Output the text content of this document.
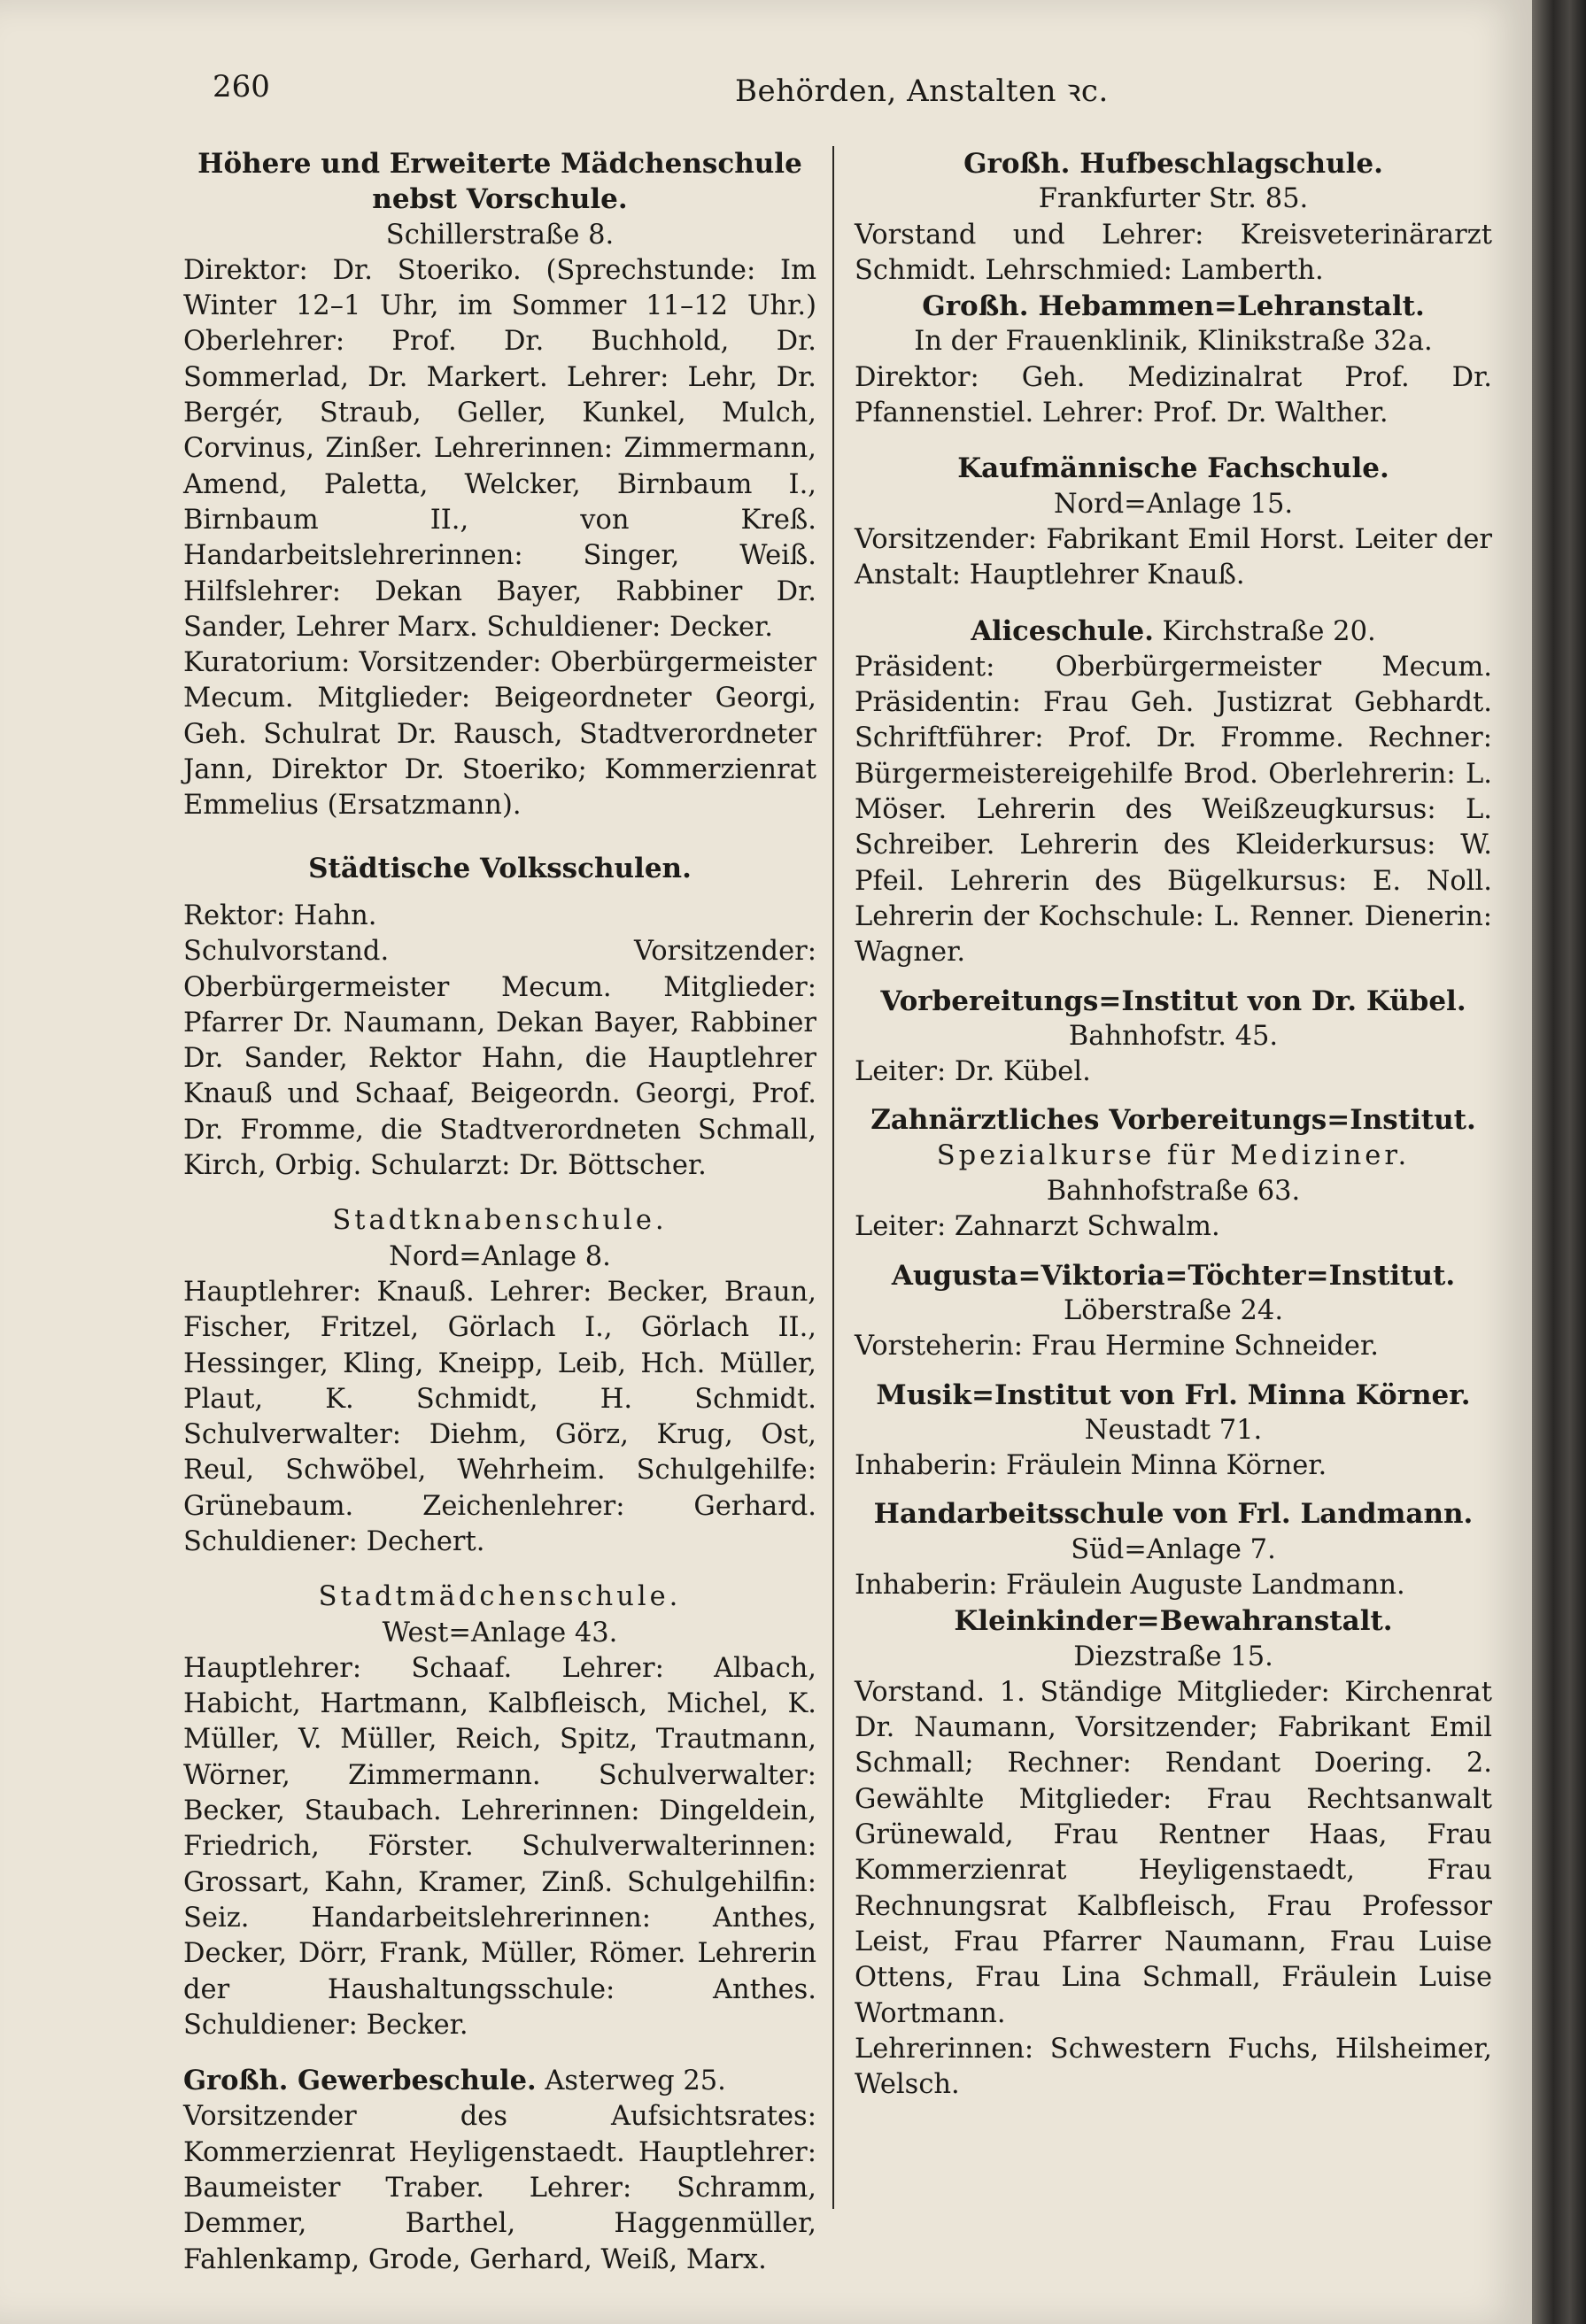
260	Behörden, Anstalten ꝛc.

Höhere und Erweiterte Mädchenschule

nebst Vorschule.

Schillerstraße 8.

Direktor: Dr. Stoeriko. (Sprechstunde: Im Winter 12–1 Uhr, im Sommer 11–12 Uhr.) Oberlehrer: Prof. Dr. Buchhold, Dr. Sommerlad, Dr. Markert. Lehrer: Lehr, Dr. Bergér, Straub, Geller, Kunkel, Mulch, Corvinus, Zinßer. Lehrerinnen: Zimmermann, Amend, Paletta, Welcker, Birnbaum I., Birnbaum II., von Kreß. Handarbeitslehrerinnen: Singer, Weiß. Hilfslehrer: Dekan Bayer, Rabbiner Dr. Sander, Lehrer Marx. Schuldiener: Decker.

Kuratorium: Vorsitzender: Oberbürgermeister Mecum. Mitglieder: Beigeordneter Georgi, Geh. Schulrat Dr. Rausch, Stadtverordneter Jann, Direktor Dr. Stoeriko; Kommerzienrat Emmelius (Ersatzmann).

Städtische Volksschulen.

Rektor: Hahn.

Schulvorstand. Vorsitzender: Oberbürgermeister Mecum. Mitglieder: Pfarrer Dr. Naumann, Dekan Bayer, Rabbiner Dr. Sander, Rektor Hahn, die Hauptlehrer Knauß und Schaaf, Beigeordn. Georgi, Prof. Dr. Fromme, die Stadtverordneten Schmall, Kirch, Orbig. Schularzt: Dr. Böttscher.

Stadtknabenschule.

Nord=Anlage 8.

Hauptlehrer: Knauß. Lehrer: Becker, Braun, Fischer, Fritzel, Görlach I., Görlach II., Hessinger, Kling, Kneipp, Leib, Hch. Müller, Plaut, K. Schmidt, H. Schmidt. Schulverwalter: Diehm, Görz, Krug, Ost, Reul, Schwöbel, Wehrheim. Schulgehilfe: Grünebaum. Zeichenlehrer: Gerhard. Schuldiener: Dechert.

Stadtmädchenschule.

West=Anlage 43.

Hauptlehrer: Schaaf. Lehrer: Albach, Habicht, Hartmann, Kalbfleisch, Michel, K. Müller, V. Müller, Reich, Spitz, Trautmann, Wörner, Zimmermann. Schulverwalter: Becker, Staubach. Lehrerinnen: Dingeldein, Friedrich, Förster. Schulverwalterinnen: Grossart, Kahn, Kramer, Zinß. Schulgehilfin: Seiz. Handarbeitslehrerinnen: Anthes, Decker, Dörr, Frank, Müller, Römer. Lehrerin der Haushaltungsschule: Anthes. Schuldiener: Becker.

Großh. Gewerbeschule. Asterweg 25.

Vorsitzender des Aufsichtsrates: Kommerzienrat Heyligenstaedt. Hauptlehrer: Baumeister Traber. Lehrer: Schramm, Demmer, Barthel, Haggenmüller, Fahlenkamp, Grode, Gerhard, Weiß, Marx.

Großh. Hufbeschlagschule.

Frankfurter Str. 85.

Vorstand und Lehrer: Kreisveterinärarzt Schmidt. Lehrschmied: Lamberth.

Großh. Hebammen=Lehranstalt.

In der Frauenklinik, Klinikstraße 32a.

Direktor: Geh. Medizinalrat Prof. Dr. Pfannenstiel. Lehrer: Prof. Dr. Walther.

Kaufmännische Fachschule.

Nord=Anlage 15.

Vorsitzender: Fabrikant Emil Horst. Leiter der Anstalt: Hauptlehrer Knauß.

Aliceschule. Kirchstraße 20.

Präsident: Oberbürgermeister Mecum. Präsidentin: Frau Geh. Justizrat Gebhardt. Schriftführer: Prof. Dr. Fromme. Rechner: Bürgermeistereigehilfe Brod. Oberlehrerin: L. Möser. Lehrerin des Weißzeugkursus: L. Schreiber. Lehrerin des Kleiderkursus: W. Pfeil. Lehrerin des Bügelkursus: E. Noll. Lehrerin der Kochschule: L. Renner. Dienerin: Wagner.

Vorbereitungs=Institut von Dr. Kübel.

Bahnhofstr. 45.

Leiter: Dr. Kübel.

Zahnärztliches Vorbereitungs=Institut.

Spezialkurse für Mediziner.

Bahnhofstraße 63.

Leiter: Zahnarzt Schwalm.

Augusta=Viktoria=Töchter=Institut.

Löberstraße 24.

Vorsteherin: Frau Hermine Schneider.

Musik=Institut von Frl. Minna Körner.

Neustadt 71.

Inhaberin: Fräulein Minna Körner.

Handarbeitsschule von Frl. Landmann.

Süd=Anlage 7.

Inhaberin: Fräulein Auguste Landmann.

Kleinkinder=Bewahranstalt.

Diezstraße 15.

Vorstand. 1. Ständige Mitglieder: Kirchenrat Dr. Naumann, Vorsitzender; Fabrikant Emil Schmall; Rechner: Rendant Doering. 2. Gewählte Mitglieder: Frau Rechtsanwalt Grünewald, Frau Rentner Haas, Frau Kommerzienrat Heyligenstaedt, Frau Rechnungsrat Kalbfleisch, Frau Professor Leist, Frau Pfarrer Naumann, Frau Luise Ottens, Frau Lina Schmall, Fräulein Luise Wortmann.

Lehrerinnen: Schwestern Fuchs, Hilsheimer, Welsch.
